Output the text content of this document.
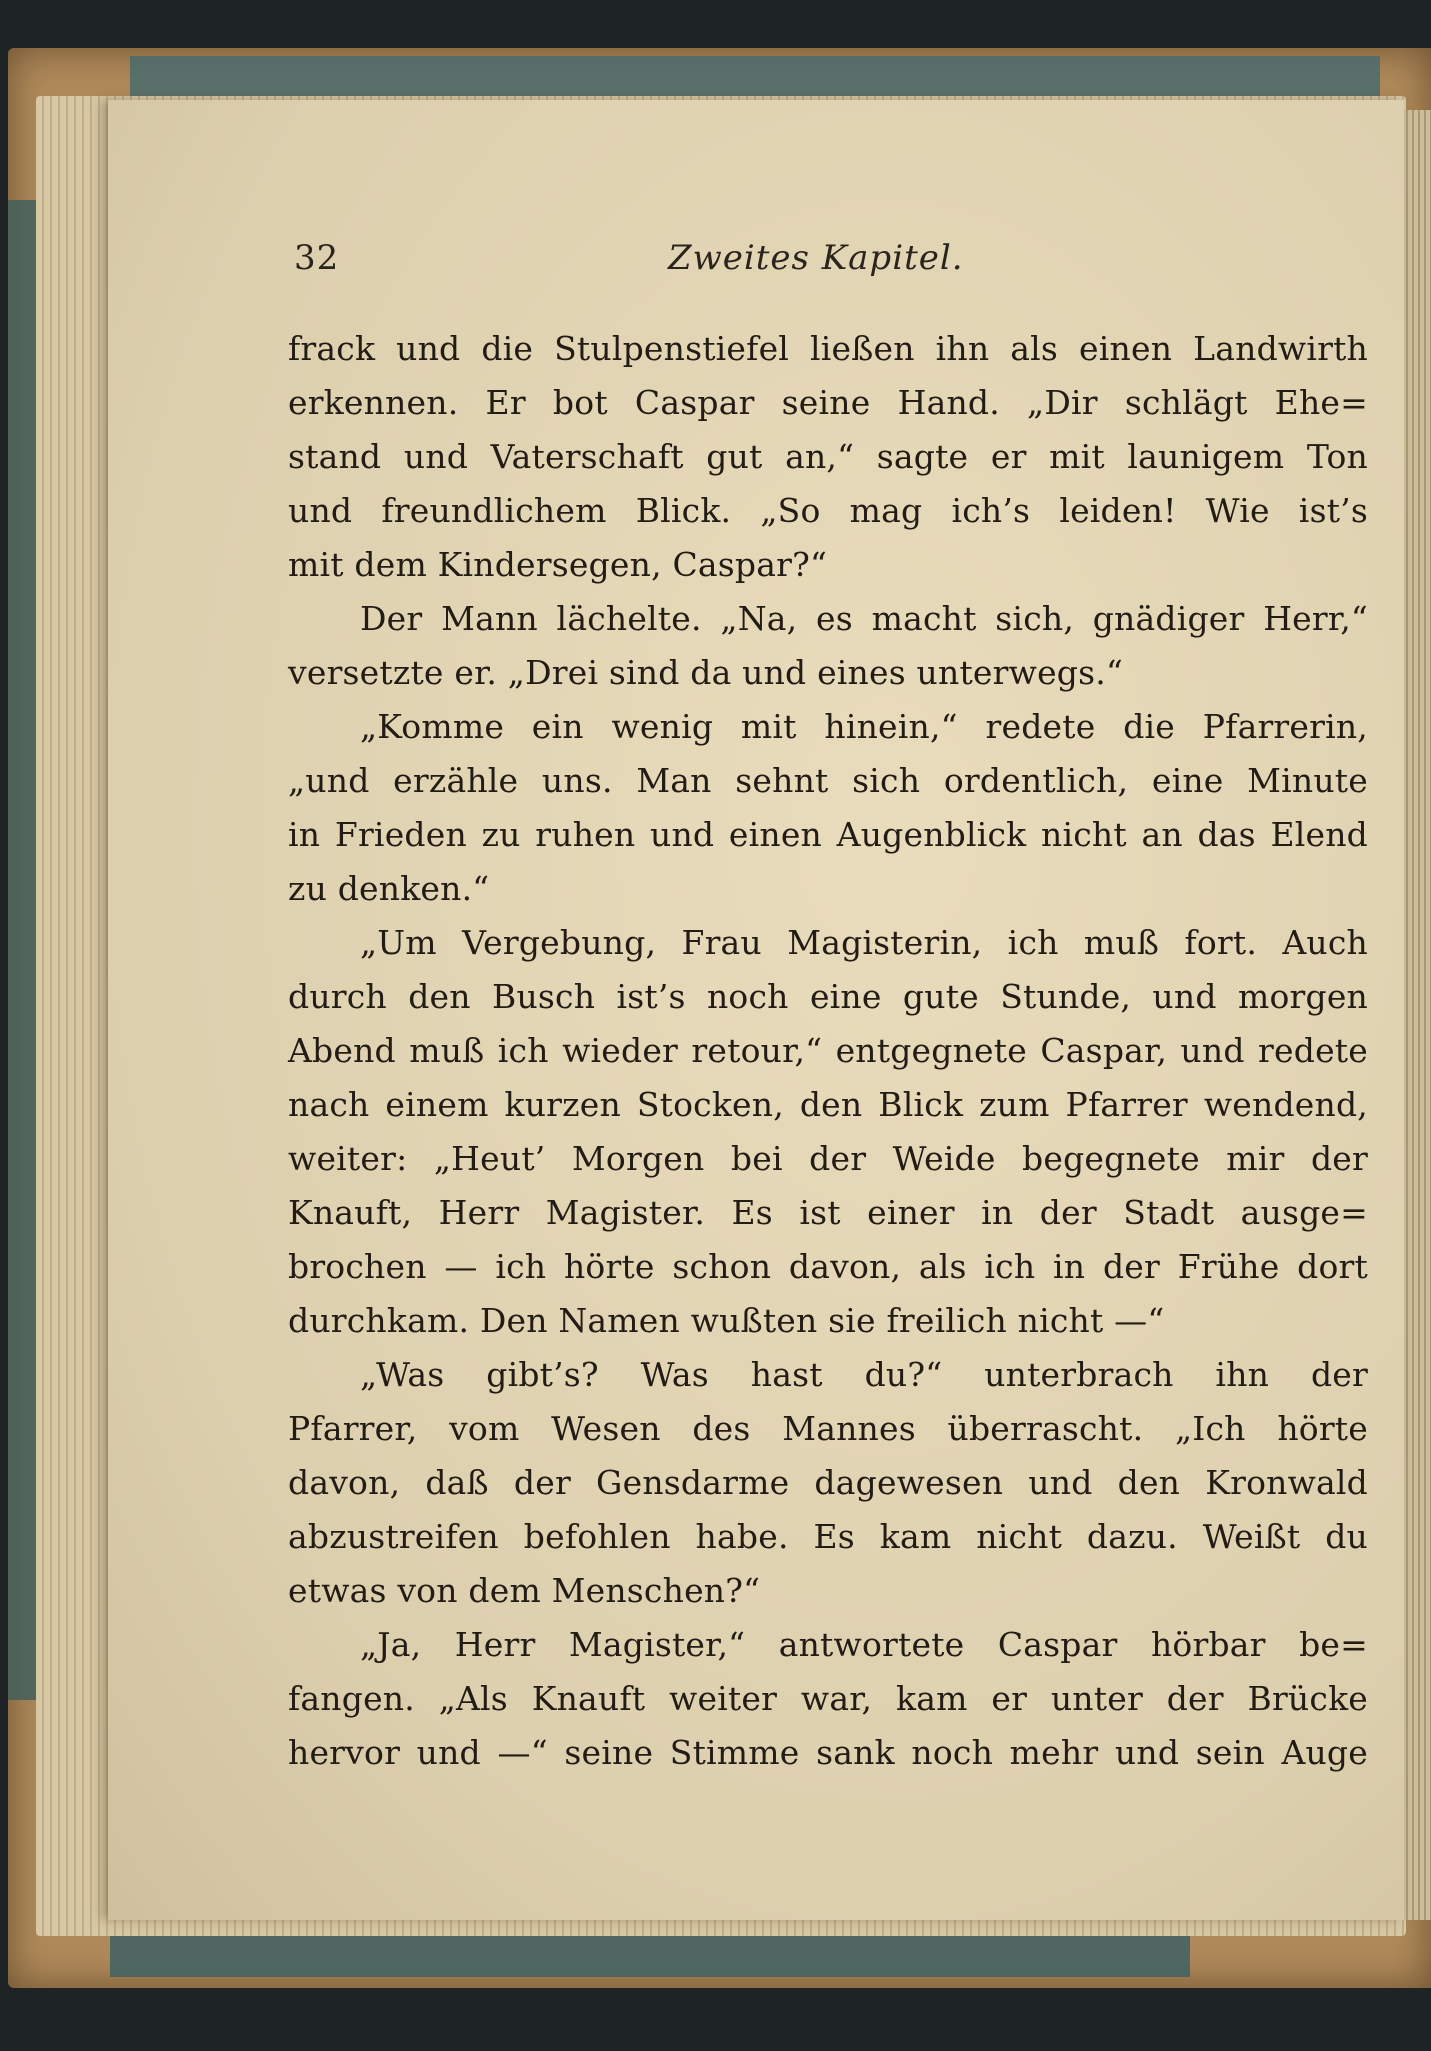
32	Zweites Kapitel.
frack und die Stulpenstiefel ließen ihn als einen Landwirth
erkennen. Er bot Caspar seine Hand. „Dir schlägt Ehe=
stand und Vaterschaft gut an,“ sagte er mit launigem Ton
und freundlichem Blick. „So mag ich’s leiden! Wie ist’s
mit dem Kindersegen, Caspar?“
Der Mann lächelte. „Na, es macht sich, gnädiger Herr,“
versetzte er. „Drei sind da und eines unterwegs.“
„Komme ein wenig mit hinein,“ redete die Pfarrerin,
„und erzähle uns. Man sehnt sich ordentlich, eine Minute
in Frieden zu ruhen und einen Augenblick nicht an das Elend
zu denken.“
„Um Vergebung, Frau Magisterin, ich muß fort. Auch
durch den Busch ist’s noch eine gute Stunde, und morgen
Abend muß ich wieder retour,“ entgegnete Caspar, und redete
nach einem kurzen Stocken, den Blick zum Pfarrer wendend,
weiter: „Heut’ Morgen bei der Weide begegnete mir der
Knauft, Herr Magister. Es ist einer in der Stadt ausge=
brochen — ich hörte schon davon, als ich in der Frühe dort
durchkam. Den Namen wußten sie freilich nicht —“
„Was gibt’s? Was hast du?“ unterbrach ihn der
Pfarrer, vom Wesen des Mannes überrascht. „Ich hörte
davon, daß der Gensdarme dagewesen und den Kronwald
abzustreifen befohlen habe. Es kam nicht dazu. Weißt du
etwas von dem Menschen?“
„Ja, Herr Magister,“ antwortete Caspar hörbar be=
fangen. „Als Knauft weiter war, kam er unter der Brücke
hervor und —“ seine Stimme sank noch mehr und sein Auge
